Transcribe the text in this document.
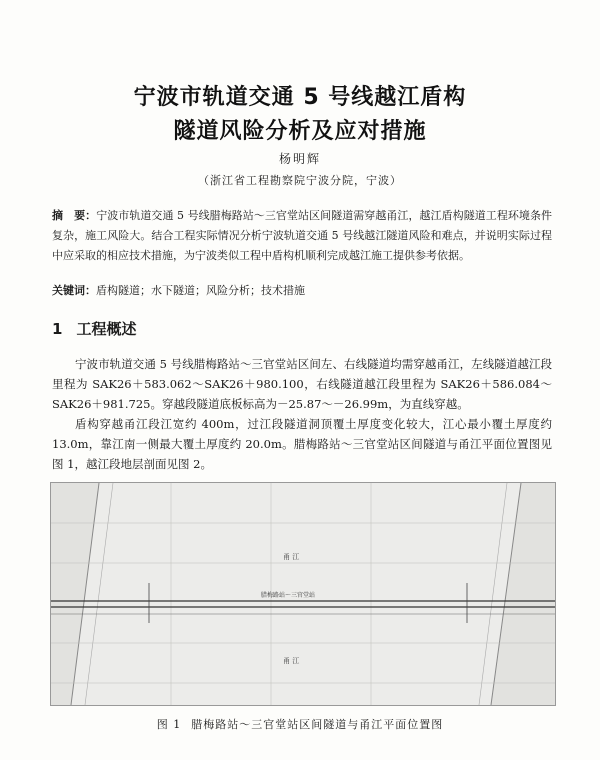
宁波市轨道交通 5 号线越江盾构
隧道风险分析及应对措施
杨明辉
（浙江省工程勘察院宁波分院，宁波）
摘　要：宁波市轨道交通 5 号线腊梅路站～三官堂站区间隧道需穿越甬江，越江盾构隧道工程环境条件复杂，施工风险大。结合工程实际情况分析宁波轨道交通 5 号线越江隧道风险和难点，并说明实际过程中应采取的相应技术措施，为宁波类似工程中盾构机顺利完成越江施工提供参考依据。
关键词：盾构隧道；水下隧道；风险分析；技术措施
1 工程概述
宁波市轨道交通 5 号线腊梅路站～三官堂站区间左、右线隧道均需穿越甬江，左线隧道越江段里程为 SAK26＋583.062～SAK26＋980.100，右线隧道越江段里程为 SAK26＋586.084～SAK26＋981.725。穿越段隧道底板标高为－25.87～－26.99m，为直线穿越。
盾构穿越甬江段江宽约 400m，过江段隧道洞顶覆土厚度变化较大，江心最小覆土厚度约 13.0m，靠江南一侧最大覆土厚度约 20.0m。腊梅路站～三官堂站区间隧道与甬江平面位置图见图 1，越江段地层剖面见图 2。
甬 江
腊梅路站～三官堂站
甬 江
图 1 腊梅路站～三官堂站区间隧道与甬江平面位置图
